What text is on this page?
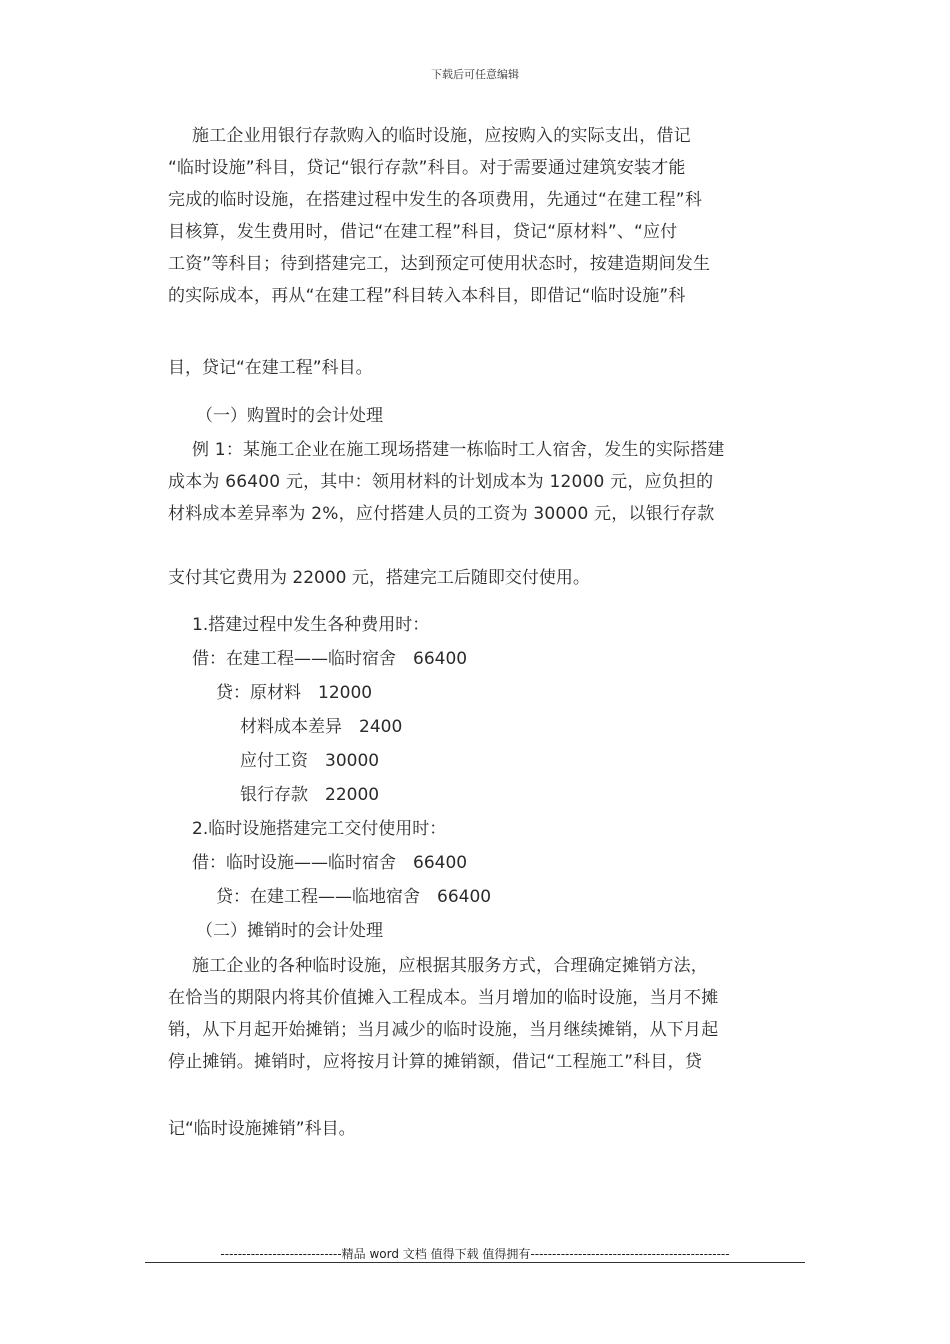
下载后可任意编辑
施工企业用银行存款购入的临时设施，应按购入的实际支出，借记
“临时设施”科目，贷记“银行存款”科目。对于需要通过建筑安装才能
完成的临时设施，在搭建过程中发生的各项费用，先通过“在建工程”科
目核算，发生费用时，借记“在建工程”科目，贷记“原材料”、“应付
工资”等科目；待到搭建完工，达到预定可使用状态时，按建造期间发生
的实际成本，再从“在建工程”科目转入本科目，即借记“临时设施”科
目，贷记“在建工程”科目。
（一）购置时的会计处理
例 1：某施工企业在施工现场搭建一栋临时工人宿舍，发生的实际搭建
成本为 66400 元，其中：领用材料的计划成本为 12000 元，应负担的
材料成本差异率为 2%，应付搭建人员的工资为 30000 元，以银行存款
支付其它费用为 22000 元，搭建完工后随即交付使用。
1.搭建过程中发生各种费用时：
借：在建工程——临时宿舍　66400
贷：原材料　12000
材料成本差异　2400
应付工资　30000
银行存款　22000
2.临时设施搭建完工交付使用时：
借：临时设施——临时宿舍　66400
贷：在建工程——临地宿舍　66400
（二）摊销时的会计处理
施工企业的各种临时设施，应根据其服务方式，合理确定摊销方法，
在恰当的期限内将其价值摊入工程成本。当月增加的临时设施，当月不摊
销，从下月起开始摊销；当月减少的临时设施，当月继续摊销，从下月起
停止摊销。摊销时，应将按月计算的摊销额，借记“工程施工”科目，贷
记“临时设施摊销”科目。
----------------------------精品 word 文档 值得下载 值得拥有----------------------------------------------
